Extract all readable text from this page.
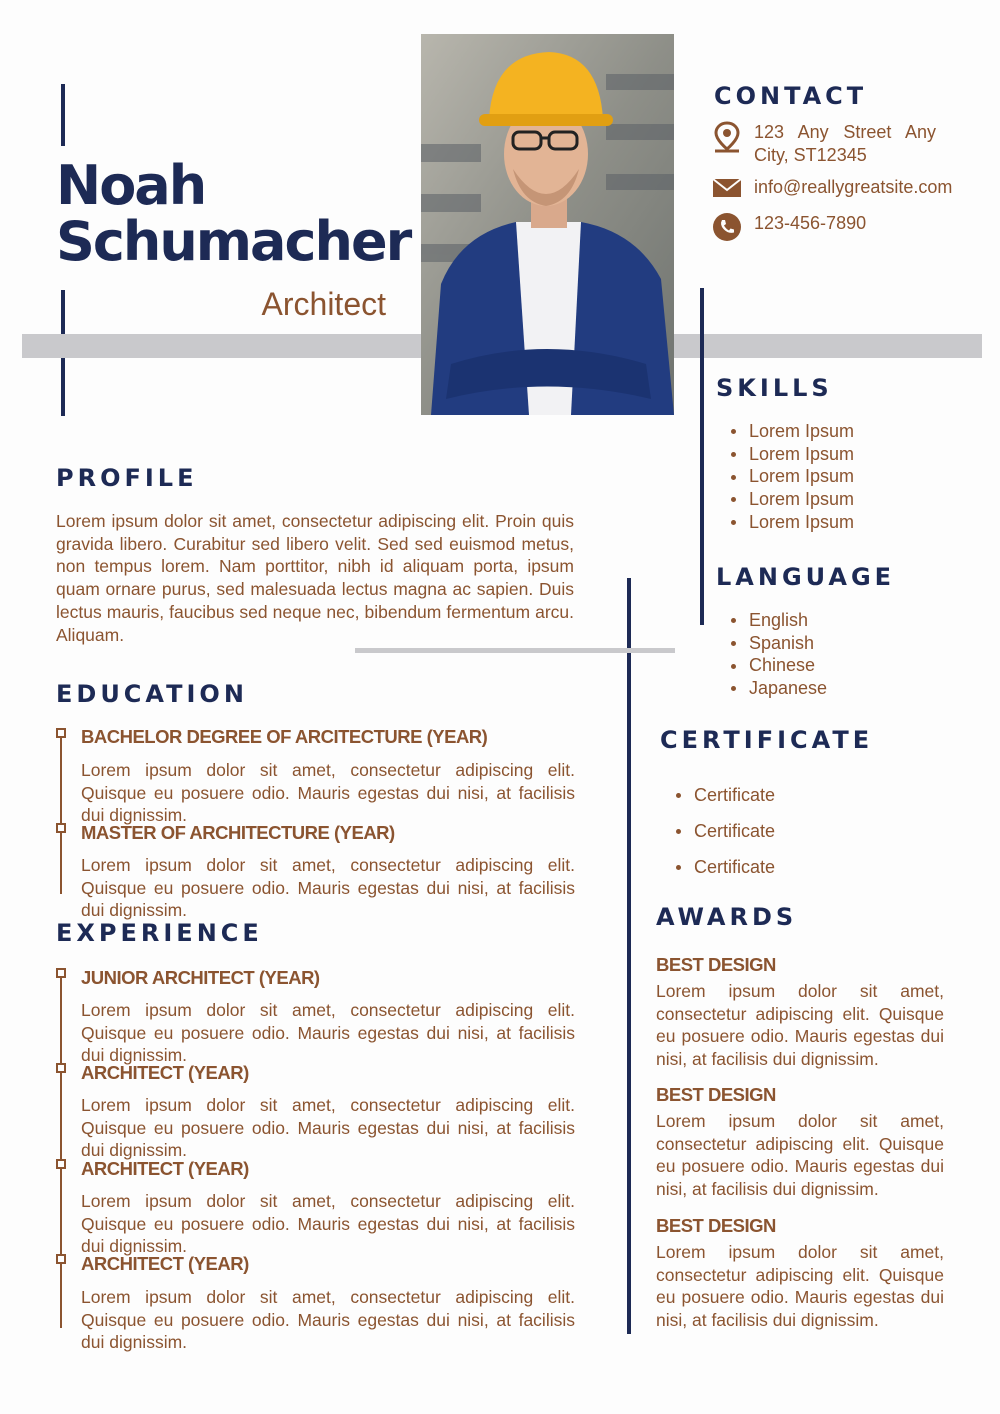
Noah
Schumacher
Architect
CONTACT
123 Any Street Any City, ST12345
info@reallygreatsite.com
123-456-7890
SKILLS
Lorem Ipsum
Lorem Ipsum
Lorem Ipsum
Lorem Ipsum
Lorem Ipsum
LANGUAGE
English
Spanish
Chinese
Japanese
CERTIFICATE
Certificate
Certificate
Certificate
AWARDS
BEST DESIGN

Lorem ipsum dolor sit amet, consectetur adipiscing elit. Quisque eu posuere odio. Mauris egestas dui nisi, at facilisis dui dignissim.

BEST DESIGN

Lorem ipsum dolor sit amet, consectetur adipiscing elit. Quisque eu posuere odio. Mauris egestas dui nisi, at facilisis dui dignissim.

BEST DESIGN

Lorem ipsum dolor sit amet, consectetur adipiscing elit. Quisque eu posuere odio. Mauris egestas dui nisi, at facilisis dui dignissim.

PROFILE

Lorem ipsum dolor sit amet, consectetur adipiscing elit. Proin quis gravida libero. Curabitur sed libero velit. Sed sed euismod metus, non tempus lorem. Nam porttitor, nibh id aliquam porta, ipsum quam ornare purus, sed malesuada lectus magna ac sapien. Duis lectus mauris, faucibus sed neque nec, bibendum fermentum arcu. Aliquam.

EDUCATION
BACHELOR DEGREE OF ARCITECTURE (YEAR)

Lorem ipsum dolor sit amet, consectetur adipiscing elit. Quisque eu posuere odio. Mauris egestas dui nisi, at facilisis dui dignissim.

MASTER OF ARCHITECTURE (YEAR)

Lorem ipsum dolor sit amet, consectetur adipiscing elit. Quisque eu posuere odio. Mauris egestas dui nisi, at facilisis dui dignissim.

EXPERIENCE
JUNIOR ARCHITECT (YEAR)

Lorem ipsum dolor sit amet, consectetur adipiscing elit. Quisque eu posuere odio. Mauris egestas dui nisi, at facilisis dui dignissim.

ARCHITECT (YEAR)

Lorem ipsum dolor sit amet, consectetur adipiscing elit. Quisque eu posuere odio. Mauris egestas dui nisi, at facilisis dui dignissim.

ARCHITECT (YEAR)

Lorem ipsum dolor sit amet, consectetur adipiscing elit. Quisque eu posuere odio. Mauris egestas dui nisi, at facilisis dui dignissim.

ARCHITECT (YEAR)

Lorem ipsum dolor sit amet, consectetur adipiscing elit. Quisque eu posuere odio. Mauris egestas dui nisi, at facilisis dui dignissim.
